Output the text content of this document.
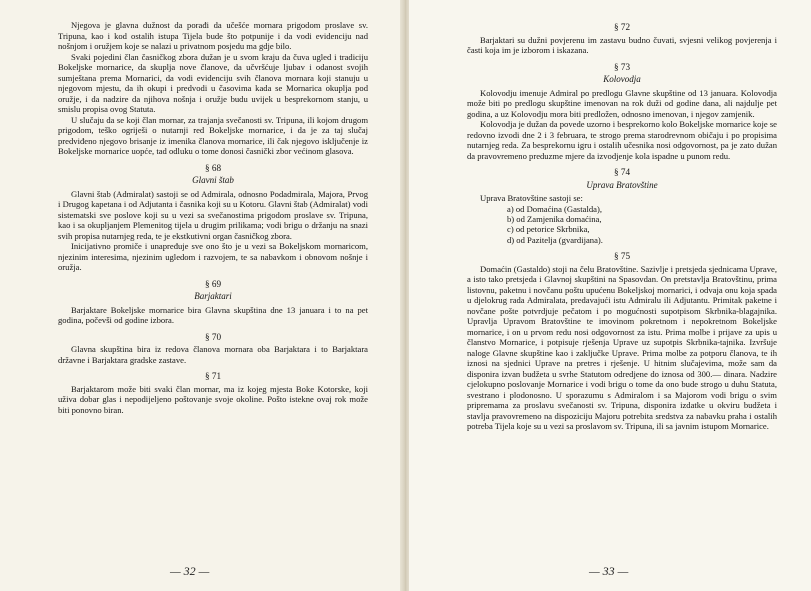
Njegova je glavna dužnost da porađi da učešće mornara prigodom proslave sv. Tripuna, kao i kod ostalih istupa Tijela bude što potpunije i da vodi evidenciju nad nošnjom i oružjem koje se nalazi u privatnom posjedu ma gdje bilo.

Svaki pojedini član časničkog zbora dužan je u svom kraju da čuva ugled i tradiciju Bokeljske mornarice, da skuplja nove članove, da učvršćuje ljubav i odanost svojih sumještana prema Mornarici, da vodi evidenciju svih članova mornara koji stanuju u njegovom mjestu, da ih okupi i predvodi u časovima kada se Mornarica okuplja pod oružje, i da nadzire da njihova nošnja i oružje budu uvijek u besprekornom stanju, u smislu propisa ovog Statuta.

U slučaju da se koji član mornar, za trajanja svečanosti sv. Tripuna, ili kojom drugom prigodom, teško ogriješi o nutarnji red Bokeljske mornarice, i da je za taj slučaj predviđeno njegovo brisanje iz imenika članova mornarice, ili čak njegovo isključenje iz Bokeljske mornarice uopće, tad odluku o tome donosi časnički zbor većinom glasova.

§ 68
Glavni štab

Glavni štab (Admiralat) sastoji se od Admirala, odnosno Podadmirala, Majora, Prvog i Drugog kapetana i od Adjutanta i časnika koji su u Kotoru. Glavni štab (Admiralat) vodi sistematski sve poslove koji su u vezi sa svečanostima prigodom proslave sv. Tripuna, kao i sa okupljanjem Plemenitog tijela u drugim prilikama; vodi brigu o držanju na snazi svih propisa nutarnjeg reda, te je ekstkutivni organ časničkog zbora.

Inicijativno promiče i unapređuje sve ono što je u vezi sa Bokeljskom mornaricom, njezinim interesima, njezinim ugledom i razvojem, te sa nabavkom i obnovom nošnje i oružja.

§ 69
Barjaktari

Barjaktare Bokeljske mornarice bira Glavna skupština dne 13 januara i to na pet godina, počevši od godine izbora.

§ 70

Glavna skupština bira iz redova članova mornara oba Barjaktara i to Barjaktara državne i Barjaktara gradske zastave.

§ 71

Barjaktarom može biti svaki član mornar, ma iz kojeg mjesta Boke Kotorske, koji uživa dobar glas i nepodijeljeno poštovanje svoje okoline. Pošto istekne ovaj rok može biti ponovno biran.

— 32 —
§ 72

Barjaktari su dužni povjerenu im zastavu budno čuvati, svjesni velikog povjerenja i časti koja im je izborom i iskazana.

§ 73
Kolovodja

Kolovodju imenuje Admiral po predlogu Glavne skupštine od 13 januara. Kolovodja može biti po predlogu skupštine imenovan na rok duži od godine dana, ali najdulje pet godina, a uz Kolovodju mora biti predložen, odnosno imenovan, i njegov zamjenik.

Kolovodja je dužan da povede uzorno i besprekorno kolo Bokeljske mornarice koje se redovno izvodi dne 2 i 3 februara, te strogo prema starodrevnom običaju i po propisima nutarnjeg reda. Za besprekornu igru i ostalih učesnika nosi odgovornost, pa je zato dužan da pravovremeno preduzme mjere da izvodjenje kola ispadne u punom redu.

§ 74
Uprava Bratovštine

Uprava Bratovštine sastoji se:

a) od Domaćina (Gastalda),
b) od Zamjenika domaćina,
c) od petorice Skrbnika,
d) od Pazitelja (gvardijana).
§ 75

Domaćin (Gastaldo) stoji na čelu Bratovštine. Sazivlje i pretsjeda sjednicama Uprave, a isto tako pretsjeda i Glavnoj skupštini na Spasovdan. On pretstavlja Bratovštinu, prima listovnu, paketnu i novčanu poštu upućenu Bokeljskoj mornarici, i odvaja onu koja spada u djelokrug rada Admiralata, predavajući istu Admiralu ili Adjutantu. Primitak paketne i novčane pošte potvrdjuje pečatom i po mogućnosti supotpisom Skrbnika-blagajnika. Upravlja Upravom Bratovštine te imovinom pokretnom i nepokretnom Bokeljske mornarice, i on u prvom redu nosi odgovornost za istu. Prima molbe i prijave za upis u članstvo Mornarice, i potpisuje rješenja Uprave uz supotpis Skrbnika-tajnika. Izvršuje naloge Glavne skupštine kao i zaključke Uprave. Prima molbe za potporu članova, te ih iznosi na sjednici Uprave na pretres i rješenje. U hitnim slučajevima, može sam da disponira izvan budžeta u svrhe Statutom odredjene do iznosa od 300.— dinara. Nadzire cjelokupno poslovanje Mornarice i vodi brigu o tome da ono bude strogo u duhu Statuta, svestrano i plodonosno. U sporazumu s Admiralom i sa Majorom vodi brigu o svim pripremama za proslavu svečanosti sv. Tripuna, disponira izdatke u okviru budžeta i stavlja pravovremeno na dispoziciju Majoru potrebita sredstva za nabavku praha i ostalih potreba Tijela koje su u vezi sa proslavom sv. Tripuna, ili sa javnim istupom Mornarice.

— 33 —
